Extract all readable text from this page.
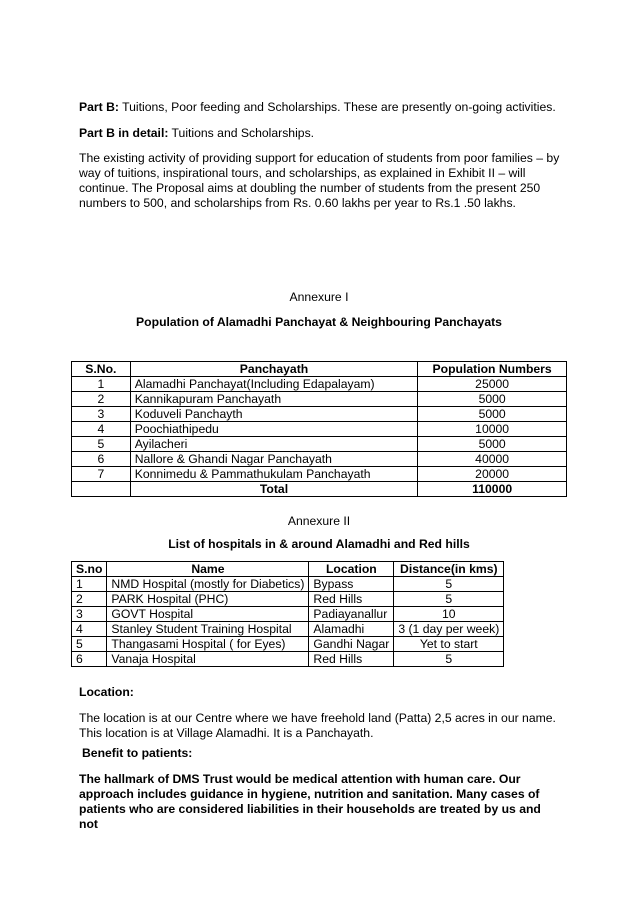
Part B: Tuitions, Poor feeding and Scholarships. These are presently on-going activities.

Part B in detail: Tuitions and Scholarships.

The existing activity of providing support for education of students from poor families – by way of tuitions, inspirational tours, and scholarships, as explained in Exhibit II – will continue. The Proposal aims at doubling the number of students from the present 250 numbers to 500, and scholarships from Rs. 0.60 lakhs per year to Rs.1 .50 lakhs.

Annexure I
Population of Alamadhi Panchayat & Neighbouring Panchayats
S.No.	Panchayath	Population Numbers
1	Alamadhi Panchayat(Including Edapalayam)	25000
2	Kannikapuram Panchayath	5000
3	Koduveli Panchayth	5000
4	Poochiathipedu	10000
5	Ayilacheri	5000
6	Nallore & Ghandi Nagar Panchayath	40000
7	Konnimedu & Pammathukulam Panchayath	20000
	Total	110000
Annexure II
List of hospitals in & around Alamadhi and Red hills
S.no	Name	Location	Distance(in kms)
1	NMD Hospital (mostly for Diabetics)	Bypass	5
2	PARK Hospital (PHC)	Red Hills	5
3	GOVT Hospital	Padiayanallur	10
4	Stanley Student Training Hospital	Alamadhi	3 (1 day per week)
5	Thangasami Hospital ( for Eyes)	Gandhi Nagar	Yet to start
6	Vanaja Hospital	Red Hills	5

Location:

The location is at our Centre where we have freehold land (Patta) 2,5 acres in our name. This location is at Village Alamadhi. It is a Panchayath.

Benefit to patients:

The hallmark of DMS Trust would be medical attention with human care. Our approach includes guidance in hygiene, nutrition and sanitation. Many cases of patients who are considered liabilities in their households are treated by us and not
